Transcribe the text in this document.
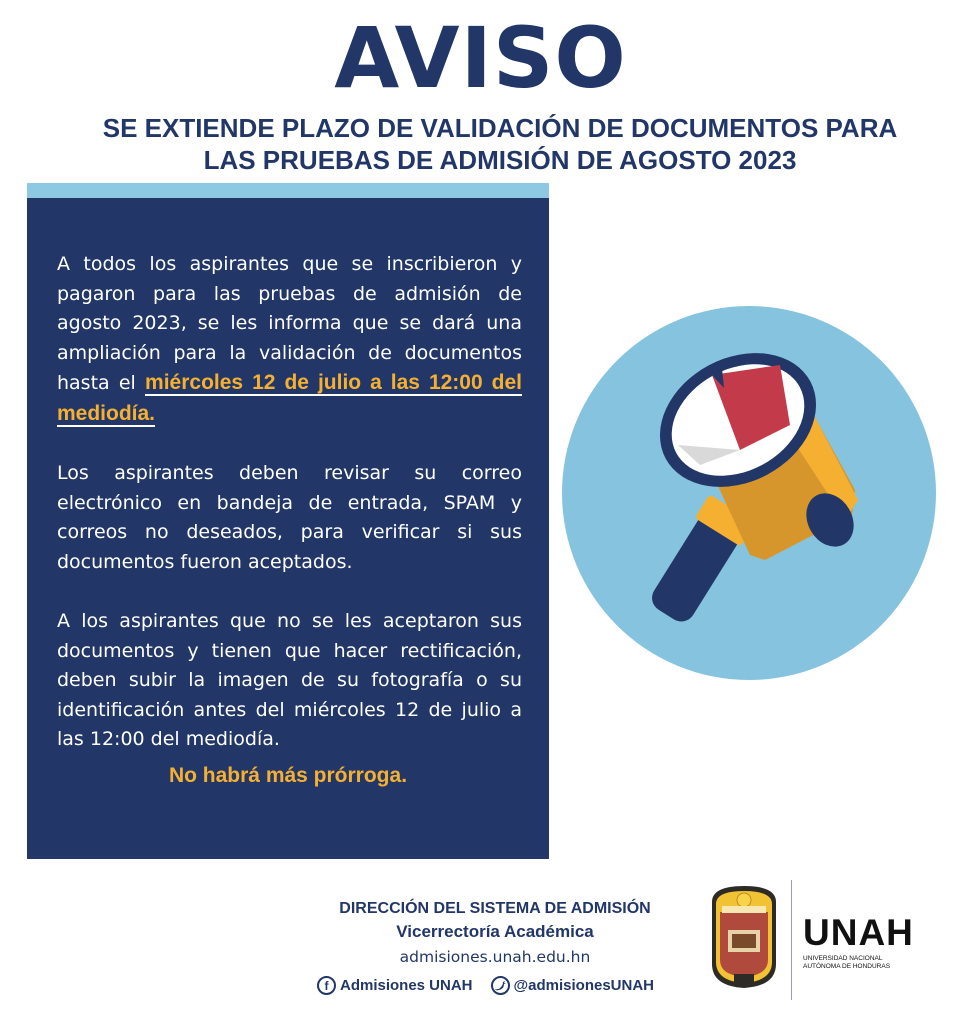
AVISO
SE EXTIENDE PLAZO DE VALIDACIÓN DE DOCUMENTOS PARA
LAS PRUEBAS DE ADMISIÓN DE AGOSTO 2023

A todos los aspirantes que se inscribieron y pagaron para las pruebas de admisión de agosto 2023, se les informa que se dará una ampliación para la validación de documentos hasta el miércoles 12 de julio a las 12:00 del mediodía.

Los aspirantes deben revisar su correo electrónico en bandeja de entrada, SPAM y correos no deseados, para verificar si sus documentos fueron aceptados.

A los aspirantes que no se les aceptaron sus documentos y tienen que hacer rectificación, deben subir la imagen de su fotografía o su identificación antes del miércoles 12 de julio a las 12:00 del mediodía.

No habrá más prórroga.
DIRECCIÓN DEL SISTEMA DE ADMISIÓN
Vicerrectoría Académica
admisiones.unah.edu.hn
f Admisiones UNAH	@admisionesUNAH
UNAH
UNIVERSIDAD NACIONAL
AUTÓNOMA DE HONDURAS
